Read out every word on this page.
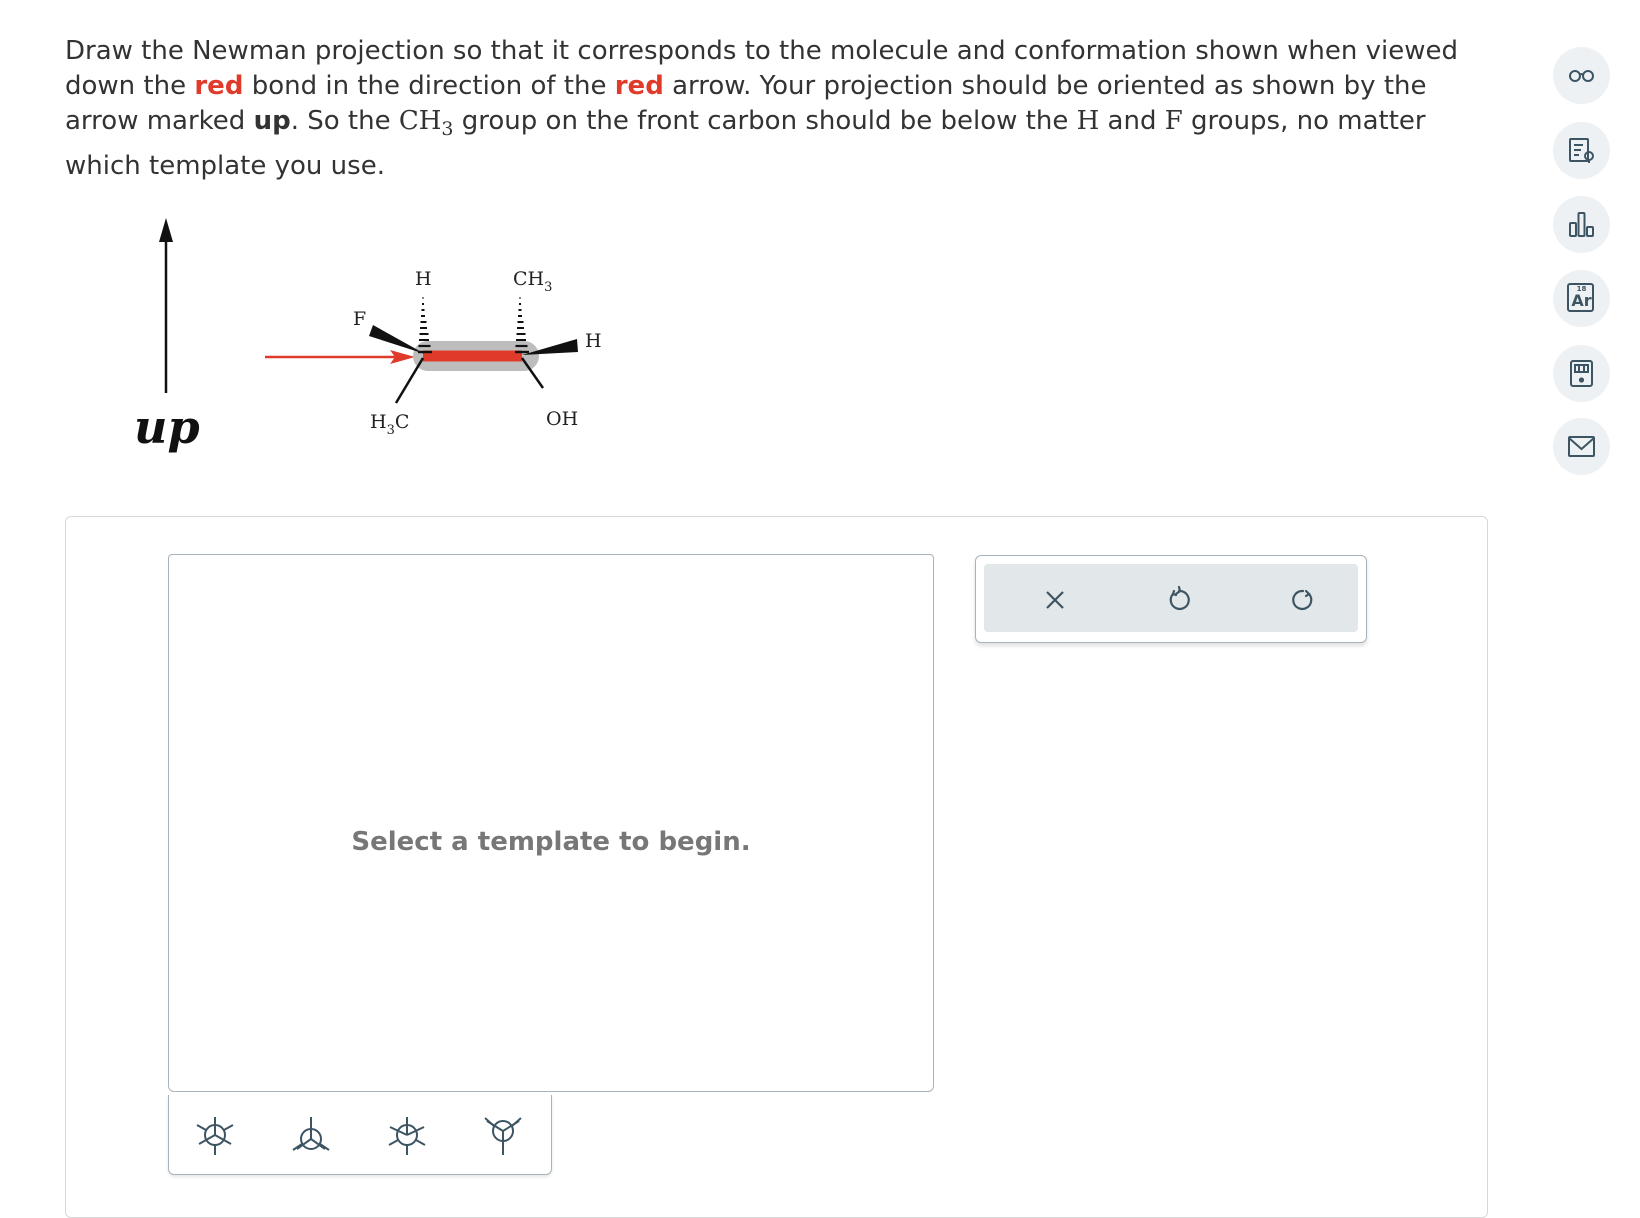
Draw the Newman projection so that it corresponds to the molecule and conformation shown when viewed down the red bond in the direction of the red arrow. Your projection should be oriented as shown by the arrow marked up. So the $CH_3$ group on the front carbon should be below the H and F groups, no matter
which template you use.
up
F
H	$CH_3$
H
$H_3C$	OH
Select a template to begin.
18
Ar
